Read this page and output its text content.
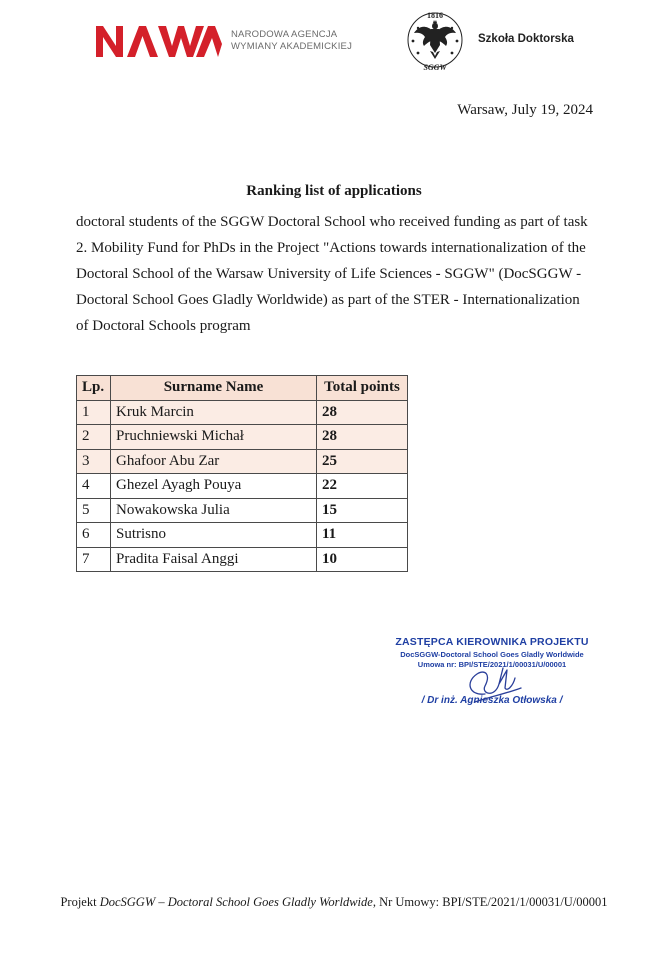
NARODOWA AGENCJA
WYMIANY AKADEMICKIEJ
1816
SGGW
Szkoła Doktorska
Warsaw, July 19, 2024
Ranking list of applications
doctoral students of the SGGW Doctoral School who received funding as part of task 2. Mobility Fund for PhDs in the Project "Actions towards internationalization of the Doctoral School of the Warsaw University of Life Sciences - SGGW" (DocSGGW - Doctoral School Goes Gladly Worldwide) as part of the STER - Internationalization of Doctoral Schools program
Lp.	Surname Name	Total points
1	Kruk Marcin	28
2	Pruchniewski Michał	28
3	Ghafoor Abu Zar	25
4	Ghezel Ayagh Pouya	22
5	Nowakowska Julia	15
6	Sutrisno	11
7	Pradita Faisal Anggi	10
ZASTĘPCA KIEROWNIKA PROJEKTU
DocSGGW-Doctoral School Goes Gladly Worldwide
Umowa nr: BPI/STE/2021/1/00031/U/00001
/ Dr inż. Agnieszka Otłowska /
Projekt DocSGGW – Doctoral School Goes Gladly Worldwide, Nr Umowy: BPI/STE/2021/1/00031/U/00001
